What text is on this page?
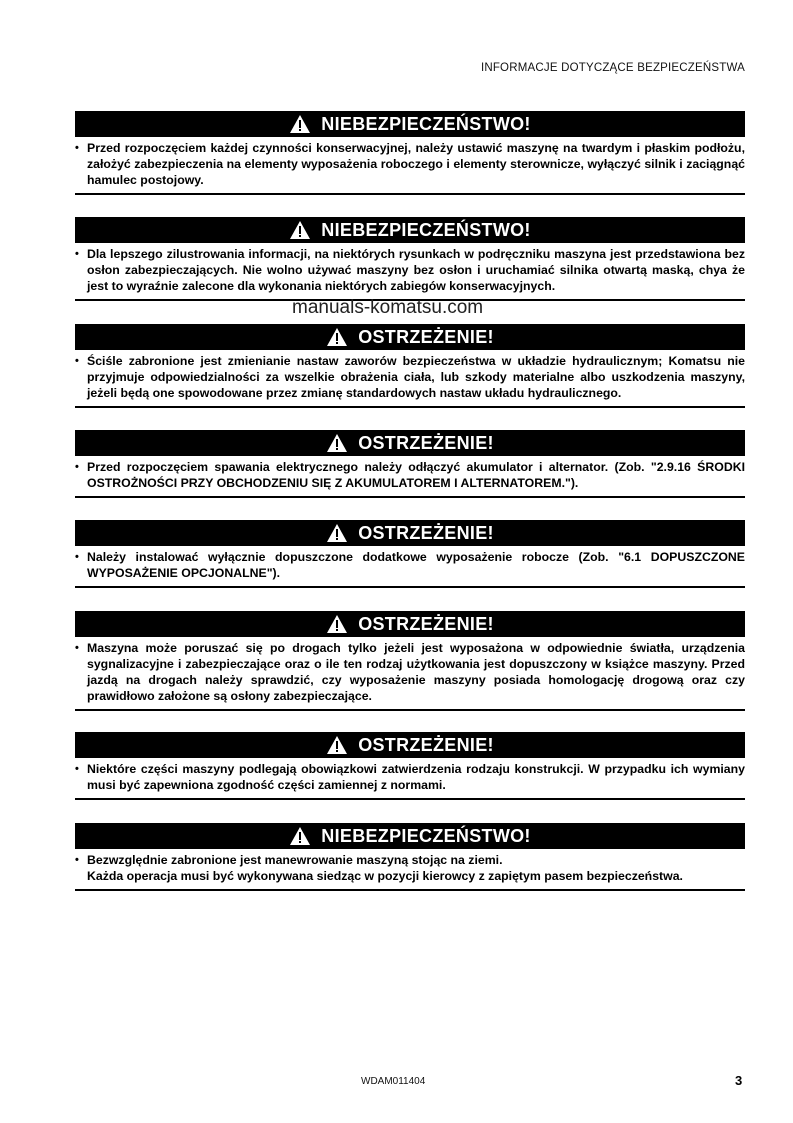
INFORMACJE DOTYCZĄCE BEZPIECZEŃSTWA
NIEBEZPIECZEŃSTWO!

• Przed rozpoczęciem każdej czynności konserwacyjnej, należy ustawić maszynę na twardym i płaskim podłożu, założyć zabezpieczenia na elementy wyposażenia roboczego i elementy sterownicze, wyłączyć silnik i zaciągnąć hamulec postojowy.

NIEBEZPIECZEŃSTWO!

• Dla lepszego zilustrowania informacji, na niektórych rysunkach w podręczniku maszyna jest przedstawiona bez osłon zabezpieczających. Nie wolno używać maszyny bez osłon i uruchamiać silnika otwartą maską, chya że jest to wyraźnie zalecone dla wykonania niektórych zabiegów konserwacyjnych.

manuals-komatsu.com
OSTRZEŻENIE!

• Ściśle zabronione jest zmienianie nastaw zaworów bezpieczeństwa w układzie hydraulicznym; Komatsu nie przyjmuje odpowiedzialności za wszelkie obrażenia ciała, lub szkody materialne albo uszkodzenia maszyny, jeżeli będą one spowodowane przez zmianę standardowych nastaw układu hydraulicznego.

OSTRZEŻENIE!

• Przed rozpoczęciem spawania elektrycznego należy odłączyć akumulator i alternator. (Zob. "2.9.16 ŚRODKI OSTROŻNOŚCI PRZY OBCHODZENIU SIĘ Z AKUMULATOREM I ALTERNATOREM.").

OSTRZEŻENIE!

• Należy instalować wyłącznie dopuszczone dodatkowe wyposażenie robocze (Zob. "6.1 DOPUSZCZONE WYPOSAŻENIE OPCJONALNE").

OSTRZEŻENIE!

• Maszyna może poruszać się po drogach tylko jeżeli jest wyposażona w odpowiednie światła, urządzenia sygnalizacyjne i zabezpieczające oraz o ile ten rodzaj użytkowania jest dopuszczony w książce maszyny. Przed jazdą na drogach należy sprawdzić, czy wyposażenie maszyny posiada homologację drogową oraz czy prawidłowo założone są osłony zabezpieczające.

OSTRZEŻENIE!

• Niektóre części maszyny podlegają obowiązkowi zatwierdzenia rodzaju konstrukcji. W przypadku ich wymiany musi być zapewniona zgodność części zamiennej z normami.

NIEBEZPIECZEŃSTWO!

• Bezwzględnie zabronione jest manewrowanie maszyną stojąc na ziemi.

Każda operacja musi być wykonywana siedząc w pozycji kierowcy z zapiętym pasem bezpieczeństwa.

WDAM011404	3
